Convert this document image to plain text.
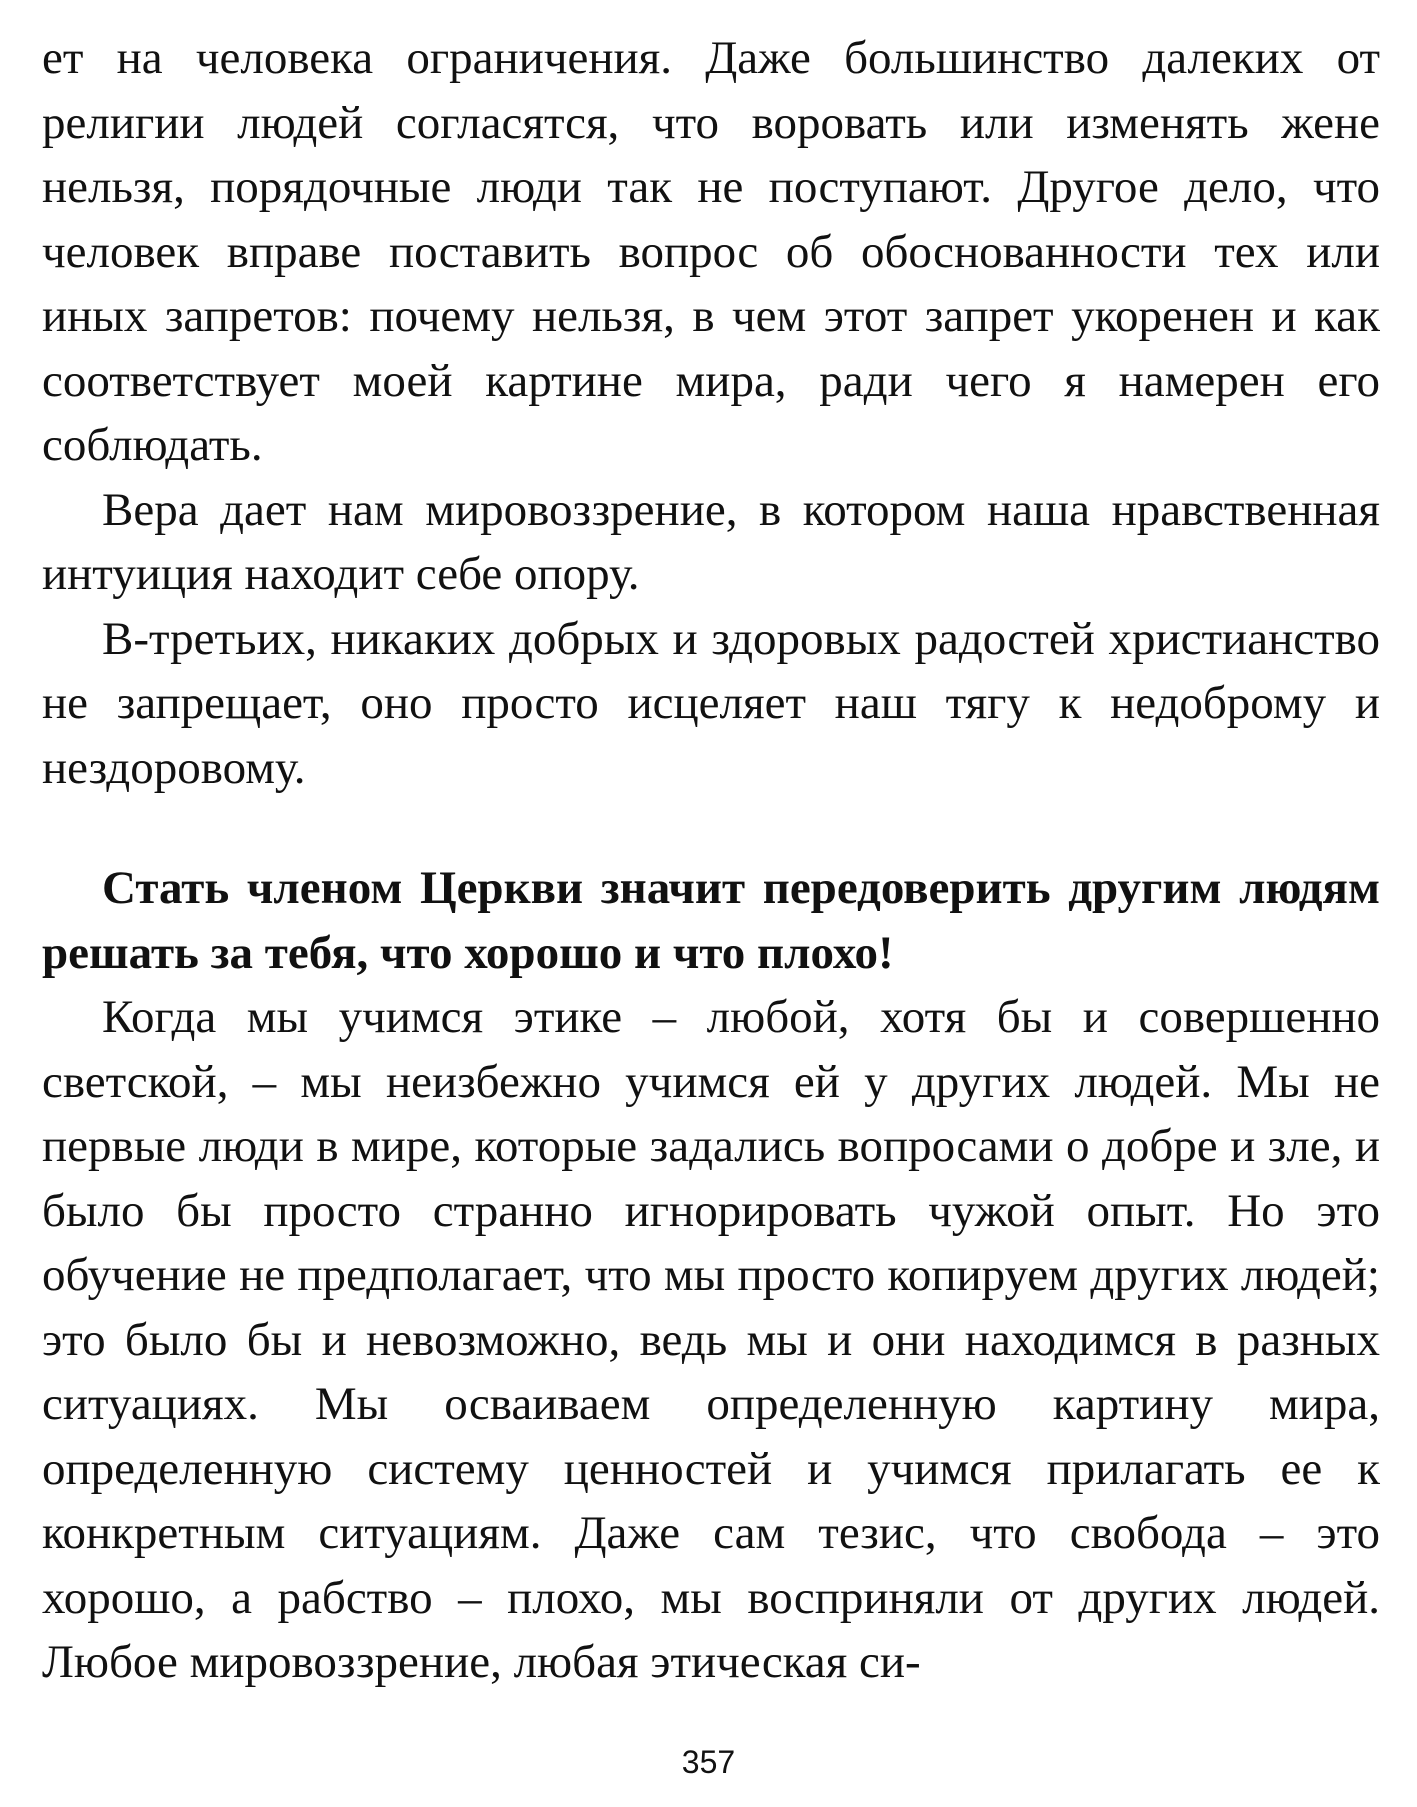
ет на человека ограничения. Даже большинство далеких от религии людей согласятся, что воровать или изменять жене нельзя, порядочные люди так не поступают. Другое дело, что человек вправе поставить вопрос об обоснованности тех или иных запретов: почему нельзя, в чем этот запрет укоренен и как соответствует моей картине мира, ради чего я намерен его соблюдать.

Вера дает нам мировоззрение, в котором наша нравственная интуиция находит себе опору.

В-третьих, никаких добрых и здоровых радостей христианство не запрещает, оно просто исцеляет наш тягу к недоброму и нездоровому.

Стать членом Церкви значит передоверить другим людям решать за тебя, что хорошо и что плохо!

Когда мы учимся этике – любой, хотя бы и совершенно светской, – мы неизбежно учимся ей у других людей. Мы не первые люди в мире, которые задались вопросами о добре и зле, и было бы просто странно игнорировать чужой опыт. Но это обучение не предполагает, что мы просто копируем других людей; это было бы и невозможно, ведь мы и они находимся в разных ситуациях. Мы осваиваем определенную картину мира, определенную систему ценностей и учимся прилагать ее к конкретным ситуациям. Даже сам тезис, что свобода – это хорошо, а рабство – плохо, мы восприняли от других людей. Любое мировоззрение, любая этическая си-

357
